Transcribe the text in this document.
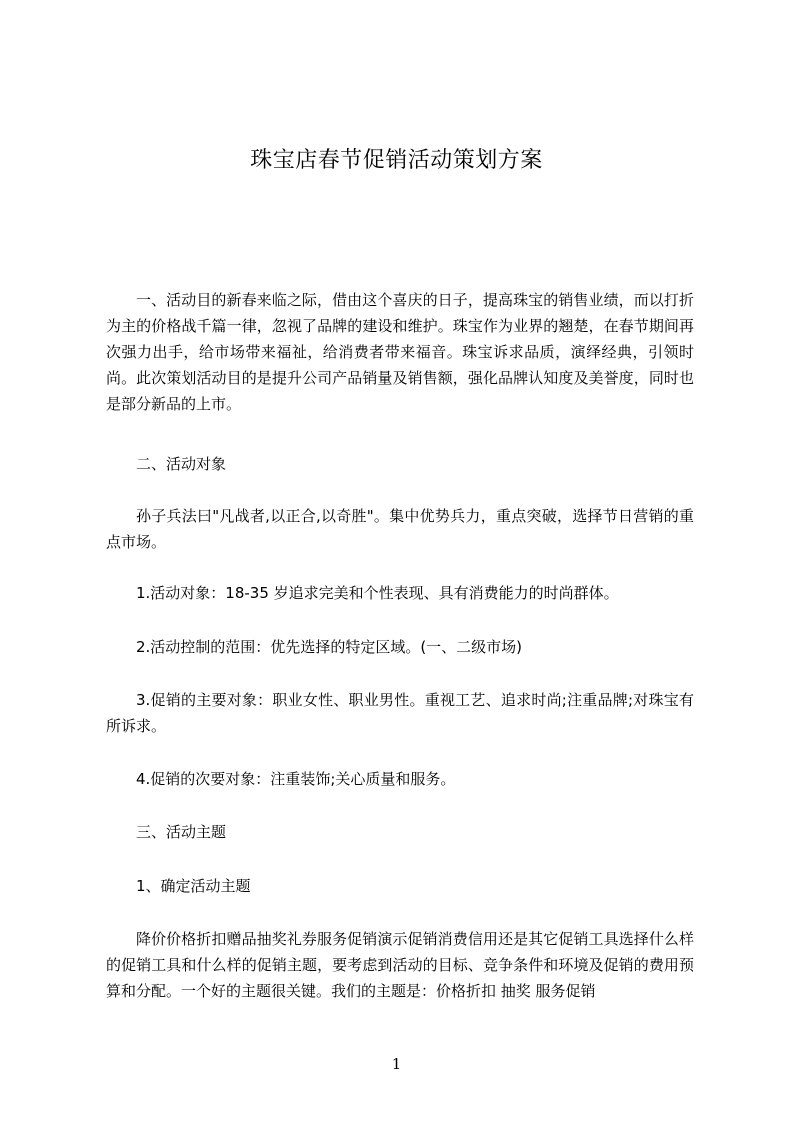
珠宝店春节促销活动策划方案

一、活动目的新春来临之际，借由这个喜庆的日子，提高珠宝的销售业绩，而以打折为主的价格战千篇一律，忽视了品牌的建设和维护。珠宝作为业界的翘楚，在春节期间再次强力出手，给市场带来福祉，给消费者带来福音。珠宝诉求品质，演绎经典，引领时尚。此次策划活动目的是提升公司产品销量及销售额，强化品牌认知度及美誉度，同时也是部分新品的上市。

二、活动对象

孙子兵法曰"凡战者,以正合,以奇胜"。集中优势兵力，重点突破，选择节日营销的重点市场。

1.活动对象：18-35 岁追求完美和个性表现、具有消费能力的时尚群体。

2.活动控制的范围：优先选择的特定区域。(一、二级市场)

3.促销的主要对象：职业女性、职业男性。重视工艺、追求时尚;注重品牌;对珠宝有所诉求。

4.促销的次要对象：注重装饰;关心质量和服务。

三、活动主题

1、确定活动主题

降价价格折扣赠品抽奖礼券服务促销演示促销消费信用还是其它促销工具选择什么样的促销工具和什么样的促销主题，要考虑到活动的目标、竞争条件和环境及促销的费用预算和分配。一个好的主题很关键。我们的主题是：价格折扣 抽奖 服务促销

1
